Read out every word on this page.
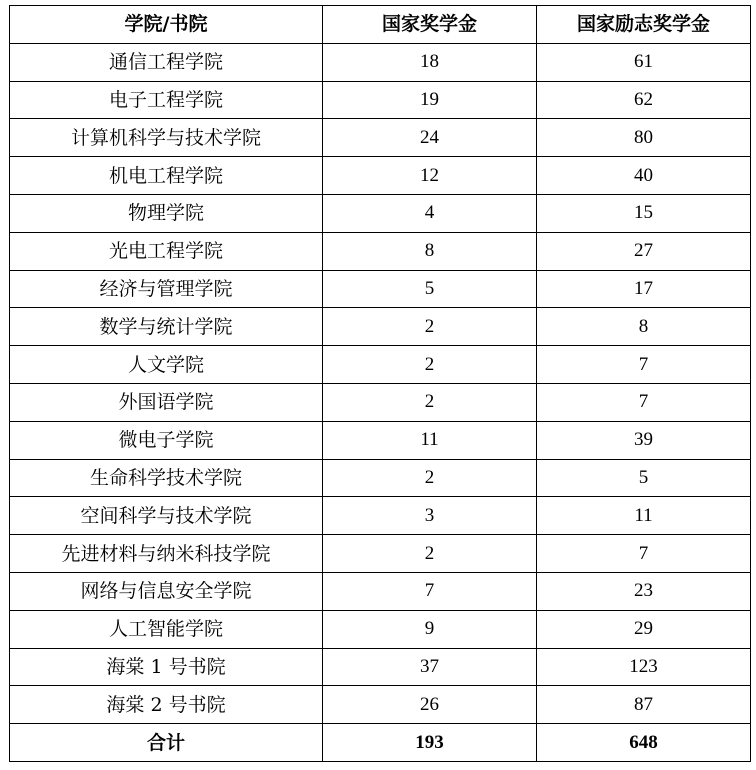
学院/书院	国家奖学金	国家励志奖学金
通信工程学院	18	61
电子工程学院	19	62
计算机科学与技术学院	24	80
机电工程学院	12	40
物理学院	4	15
光电工程学院	8	27
经济与管理学院	5	17
数学与统计学院	2	8
人文学院	2	7
外国语学院	2	7
微电子学院	11	39
生命科学技术学院	2	5
空间科学与技术学院	3	11
先进材料与纳米科技学院	2	7
网络与信息安全学院	7	23
人工智能学院	9	29
海棠 1 号书院	37	123
海棠 2 号书院	26	87
合计	193	648
